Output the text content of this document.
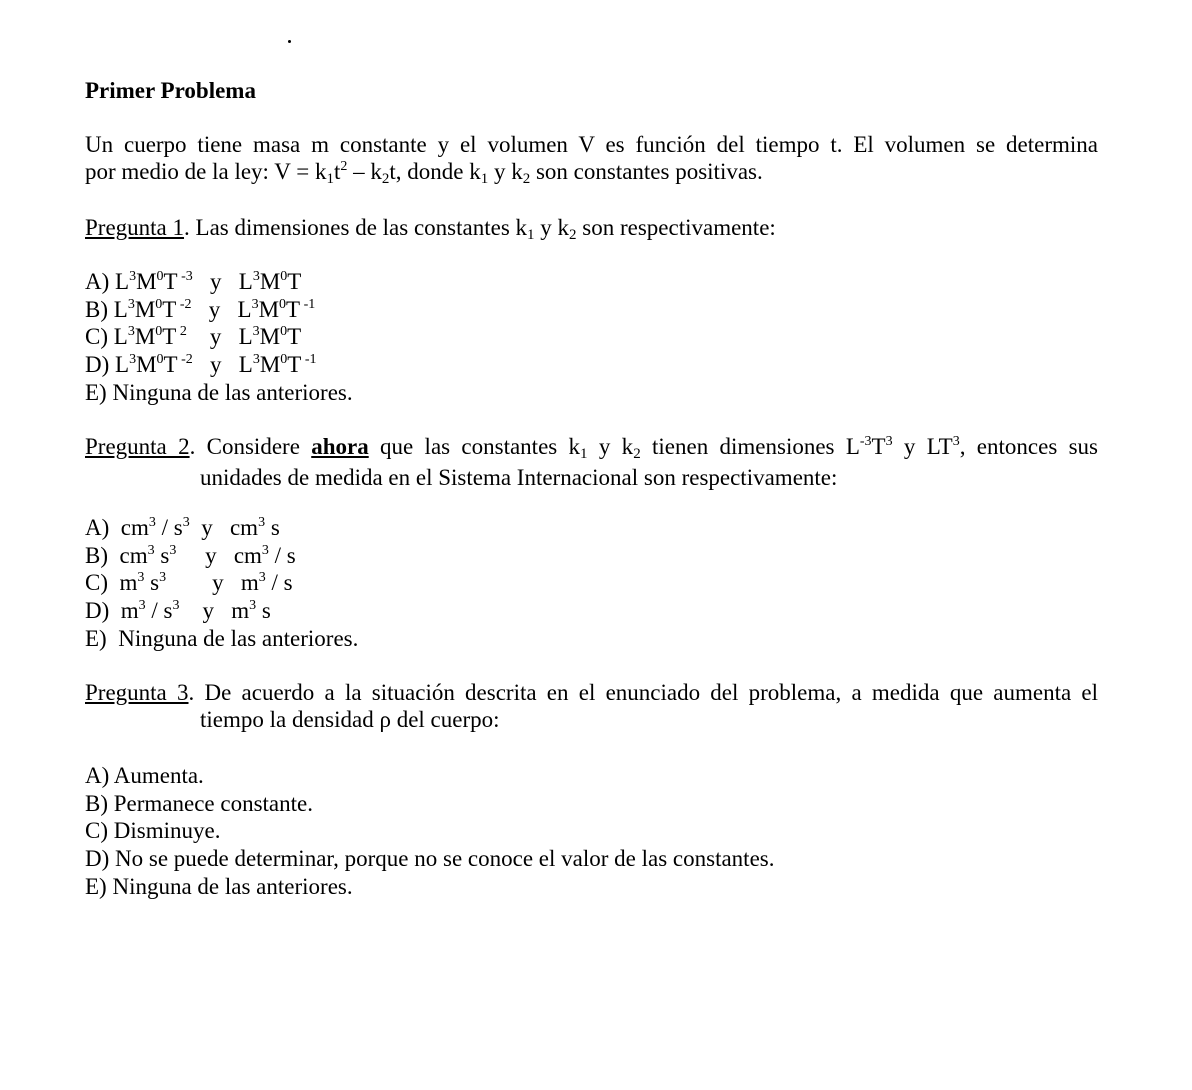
Primer Problema
Un cuerpo tiene masa m constante y el volumen V es función del tiempo t. El volumen se determina
por medio de la ley: $V = k_1t^2 - k_2t$, donde $k_1$ y $k_2$ son constantes positivas.
Pregunta 1. Las dimensiones de las constantes $k_1$ y $k_2$ son respectivamente:
A) $L^3M^0T$ $^{-3}$   y   $L^3M^0T$
B) $L^3M^0T$ $^{-2}$   y   $L^3M^0T$ $^{-1}$
C) $L^3M^0T$ $^2$    y   $L^3M^0T$
D) $L^3M^0T$ $^{-2}$   y   $L^3M^0T$ $^{-1}$
E) Ninguna de las anteriores.
Pregunta 2. Considere ahora que las constantes $k_1$ y $k_2$ tienen dimensiones $L^{-3}T^3$ y $LT^3$, entonces sus
unidades de medida en el Sistema Internacional son respectivamente:
A)  $cm^3 / s^3$  y   $cm^3$ s
B)  $cm^3$ $s^3$     y   $cm^3$ / s
C)  $m^3$ $s^3$        y   $m^3$ / s
D)  $m^3 / s^3$    y   $m^3$ s
E)  Ninguna de las anteriores.
Pregunta 3. De acuerdo a la situación descrita en el enunciado del problema, a medida que aumenta el
tiempo la densidad ρ del cuerpo:
A) Aumenta.
B) Permanece constante.
C) Disminuye.
D) No se puede determinar, porque no se conoce el valor de las constantes.
E) Ninguna de las anteriores.
